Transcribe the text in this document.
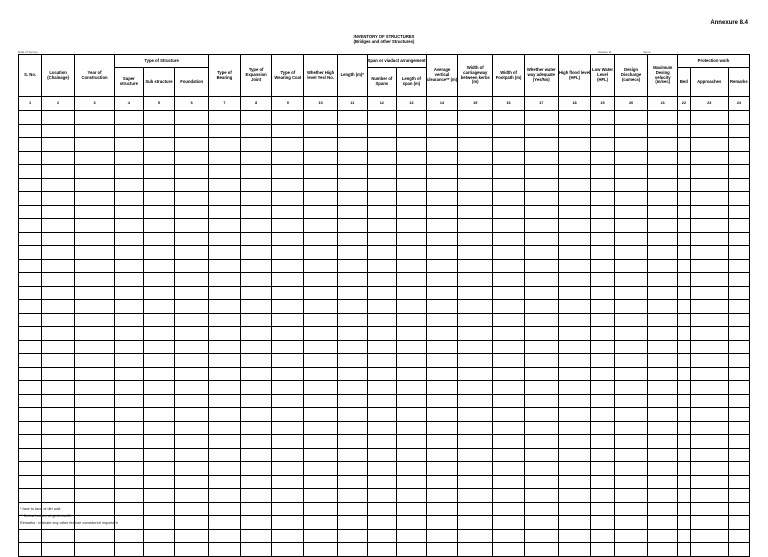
Annexure 8.4
INVENTORY OF STRUCTURES
(Bridges and other Structures)
Date of Survey :	Section id:	name
S. No.	Location (Chainage)	Year of Construction	Type of Structure			Type of Bearing	Type of Expansion Joint	Type of Wearing Coat	Whether High level Yes/ No.	Length (m)*	Span or viaduct arrangement		Average vertical clearance** (m)	Width of carriageway between kerbs (m)	Width of Footpath (m)	Whether water way adequate (Yes/No)	High flood level (HFL)	Low Water Level (HFL)	Design Discharge (cumecs)	Maximum Desing velocity (m/sec)	Protection work		
			Super structure	Sub structure	Foundation						Number of Spans	Length of span (m)									Bed	Approaches	Remarks
1	2	3	4	5	6	7	8	9	10	11	12	13	14	15	16	17	18	19	20	21	22	23	24

* face to face of dirt wall
** Below bottom of girder/soffit
Remarks : indicate any other feature considered important
